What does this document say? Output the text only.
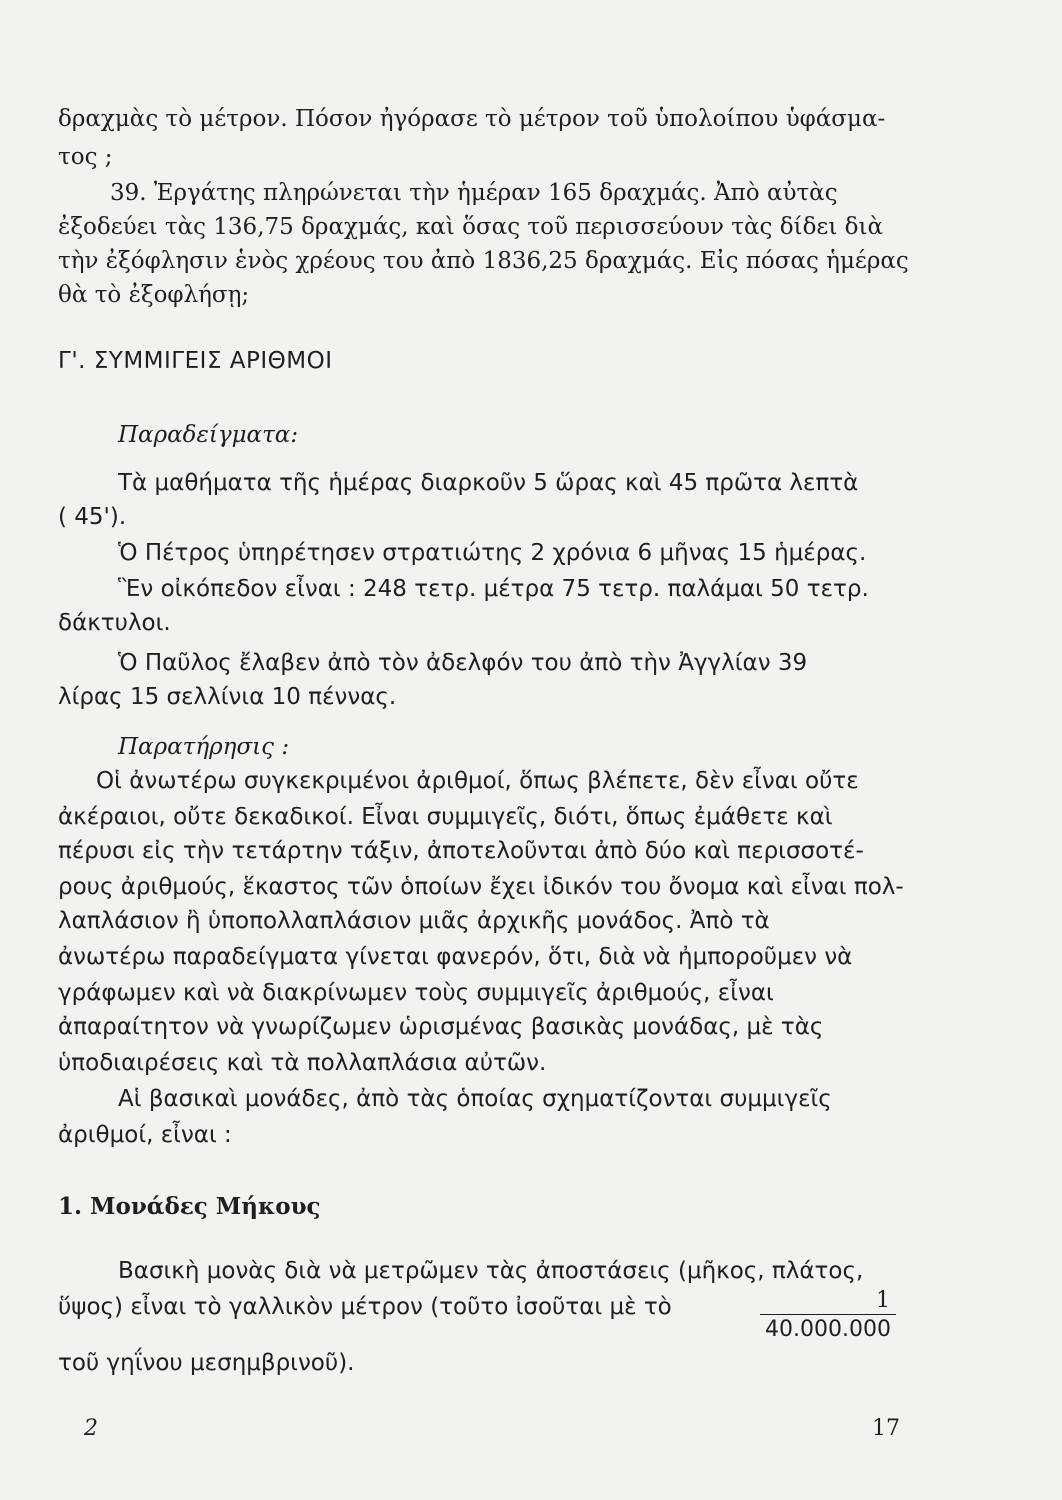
δραχμὰς τὸ μέτρον. Πόσον ἠγόρασε τὸ μέτρον τοῦ ὑπολοίπου ὑφάσμα-
τος ;
39. Ἐργάτης πληρώνεται τὴν ἡμέραν 165 δραχμάς. Ἀπὸ αὐτὰς
ἐξοδεύει τὰς 136,75 δραχμάς, καὶ ὅσας τοῦ περισσεύουν τὰς δίδει διὰ
τὴν ἐξόφλησιν ἑνὸς χρέους του ἀπὸ 1836,25 δραχμάς. Εἰς πόσας ἡμέρας
θὰ τὸ ἐξοφλήσῃ;
Γ'. ΣΥΜΜΙΓΕΙΣ ΑΡΙΘΜΟΙ
Παραδείγματα:
Τὰ μαθήματα τῆς ἡμέρας διαρκοῦν 5 ὥρας καὶ 45 πρῶτα λεπτὰ
( 45').
Ὁ Πέτρος ὑπηρέτησεν στρατιώτης 2 χρόνια 6 μῆνας 15 ἡμέρας.
Ἓν οἰκόπεδον εἶναι : 248 τετρ. μέτρα 75 τετρ. παλάμαι 50 τετρ.
δάκτυλοι.
Ὁ Παῦλος ἔλαβεν ἀπὸ τὸν ἀδελφόν του ἀπὸ τὴν Ἀγγλίαν 39
λίρας 15 σελλίνια 10 πέννας.
Παρατήρησις :
Οἱ ἀνωτέρω συγκεκριμένοι ἀριθμοί, ὅπως βλέπετε, δὲν εἶναι οὔτε
ἀκέραιοι, οὔτε δεκαδικοί. Εἶναι συμμιγεῖς, διότι, ὅπως ἐμάθετε καὶ
πέρυσι εἰς τὴν τετάρτην τάξιν, ἀποτελοῦνται ἀπὸ δύο καὶ περισσοτέ-
ρους ἀριθμούς, ἕκαστος τῶν ὁποίων ἔχει ἰδικόν του ὄνομα καὶ εἶναι πολ-
λαπλάσιον ἢ ὑποπολλαπλάσιον μιᾶς ἀρχικῆς μονάδος. Ἀπὸ τὰ
ἀνωτέρω παραδείγματα γίνεται φανερόν, ὅτι, διὰ νὰ ἠμποροῦμεν νὰ
γράφωμεν καὶ νὰ διακρίνωμεν τοὺς συμμιγεῖς ἀριθμούς, εἶναι
ἀπαραίτητον νὰ γνωρίζωμεν ὡρισμένας βασικὰς μονάδας, μὲ τὰς
ὑποδιαιρέσεις καὶ τὰ πολλαπλάσια αὐτῶν.
Αἱ βασικαὶ μονάδες, ἀπὸ τὰς ὁποίας σχηματίζονται συμμιγεῖς
ἀριθμοί, εἶναι :
1. Μονάδες Μήκους
Βασικὴ μονὰς διὰ νὰ μετρῶμεν τὰς ἀποστάσεις (μῆκος, πλάτος,
ὕψος) εἶναι τὸ γαλλικὸν μέτρον (τοῦτο ἰσοῦται μὲ τὸ	1
40.000.000
τοῦ γηΐνου μεσημβρινοῦ).
2	17
